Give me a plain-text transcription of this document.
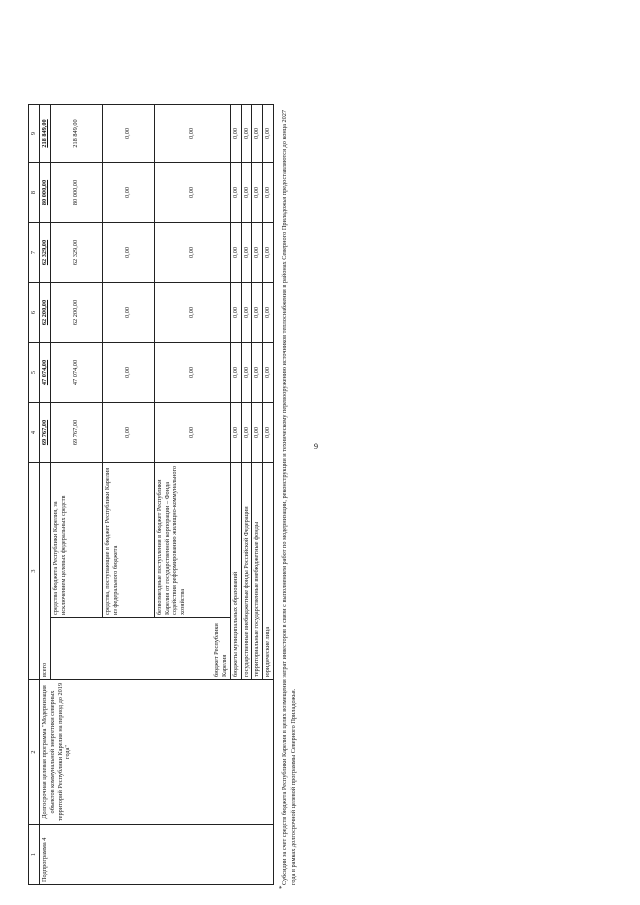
9
1	2	3		4	5	6	7	8	9
Подпрограмма 4	Долгосрочная целевая программа "Модернизация объектов коммунальной энергетики северных территорий Республики Карелия на период до 2019 года"	всего		69 767,00	47 074,00	62 200,00	62 329,00	80 000,00	218 849,00
		бюджет Республики Карелия	средства бюджета Республики Карелия, за исключением целевых федеральных средств	69 767,00	47 074,00	62 200,00	62 329,00	80 000,00	218 849,00
			средства, поступающие в бюджет Республики Карелия из федерального бюджета	0,00	0,00	0,00	0,00	0,00	0,00
			безвозмездные поступления в бюджет Республики Карелия от государственной корпорации – Фонда содействия реформированию жилищно-коммунального хозяйства	0,00	0,00	0,00	0,00	0,00	0,00
		бюджеты муниципальных образований		0,00	0,00	0,00	0,00	0,00	0,00
		государственные внебюджетные фонды Российской Федерации		0,00	0,00	0,00	0,00	0,00	0,00
		территориальные государственные внебюджетные фонды		0,00	0,00	0,00	0,00	0,00	0,00
		юридические лица		0,00	0,00	0,00	0,00	0,00	0,00
*
Субсидии за счет средств бюджета Республики Карелия в целях возмещения затрат инвесторов в связи с выполнением работ по модернизации, реконструкции и техническому перевооружению источников теплоснабжения в районах Северного Приладожья предоставляются до конца 2027 года в рамках долгосрочной целевой программы Северного Приладожья.
